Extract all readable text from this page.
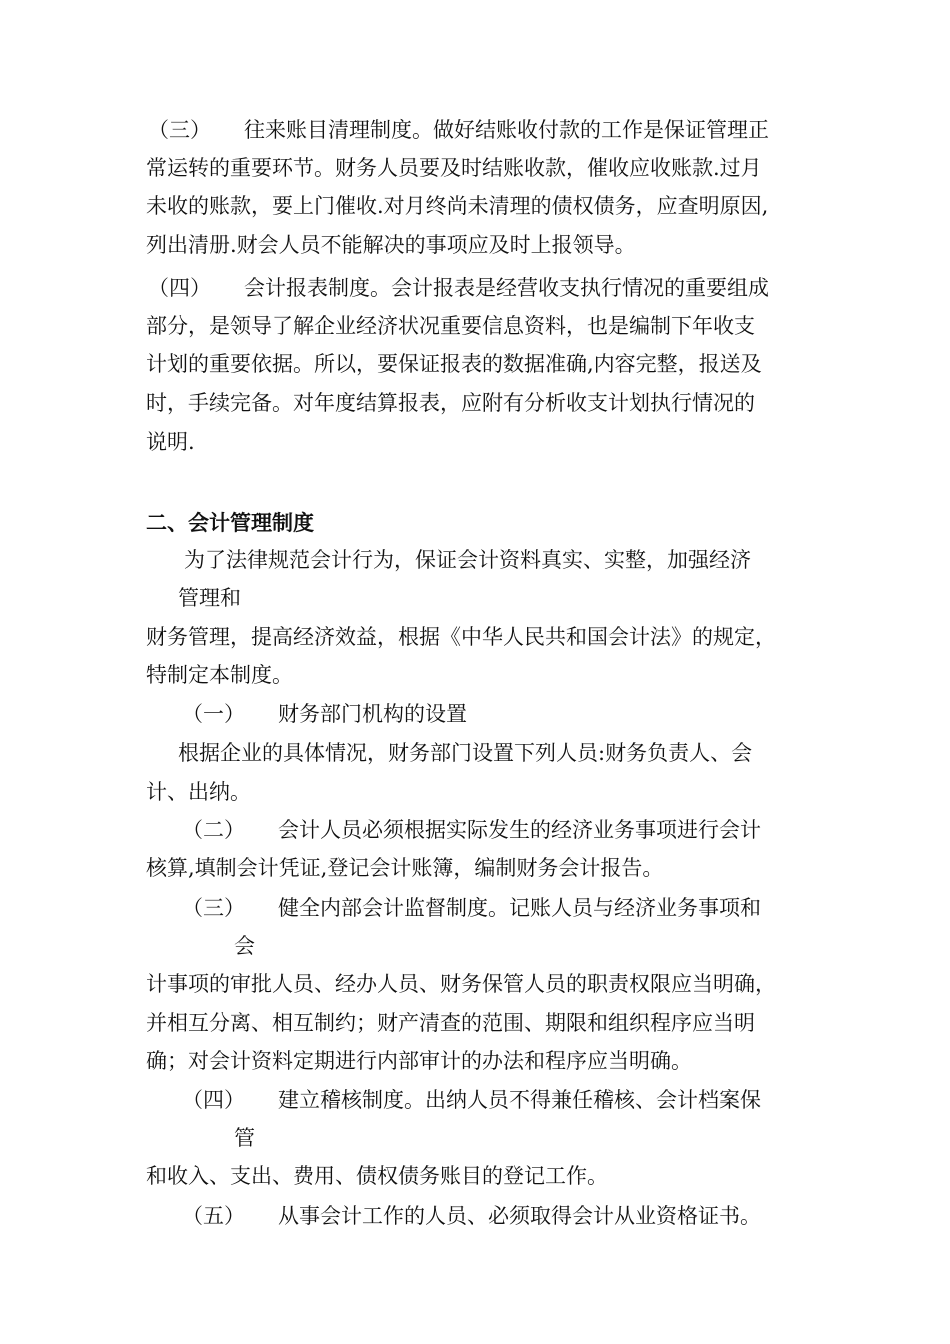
（三） 往来账目清理制度。做好结账收付款的工作是保证管理正
常运转的重要环节。财务人员要及时结账收款，催收应收账款.过月
未收的账款，要上门催收.对月终尚未清理的债权债务，应查明原因,
列出清册.财会人员不能解决的事项应及时上报领导。
（四） 会计报表制度。会计报表是经营收支执行情况的重要组成
部分，是领导了解企业经济状况重要信息资料，也是编制下年收支
计划的重要依据。所以，要保证报表的数据准确,内容完整，报送及
时，手续完备。对年度结算报表，应附有分析收支计划执行情况的
说明.
二、会计管理制度
为了法律规范会计行为，保证会计资料真实、实整，加强经济
管理和
财务管理，提高经济效益，根据《中华人民共和国会计法》的规定，
特制定本制度。
（一） 财务部门机构的设置
根据企业的具体情况，财务部门设置下列人员:财务负责人、会
计、出纳。
（二） 会计人员必须根据实际发生的经济业务事项进行会计
核算,填制会计凭证,登记会计账簿，编制财务会计报告。
（三） 健全内部会计监督制度。记账人员与经济业务事项和
会
计事项的审批人员、经办人员、财务保管人员的职责权限应当明确，
并相互分离、相互制约；财产清查的范围、期限和组织程序应当明
确；对会计资料定期进行内部审计的办法和程序应当明确。
（四） 建立稽核制度。出纳人员不得兼任稽核、会计档案保
管
和收入、支出、费用、债权债务账目的登记工作。
（五） 从事会计工作的人员、必须取得会计从业资格证书。
